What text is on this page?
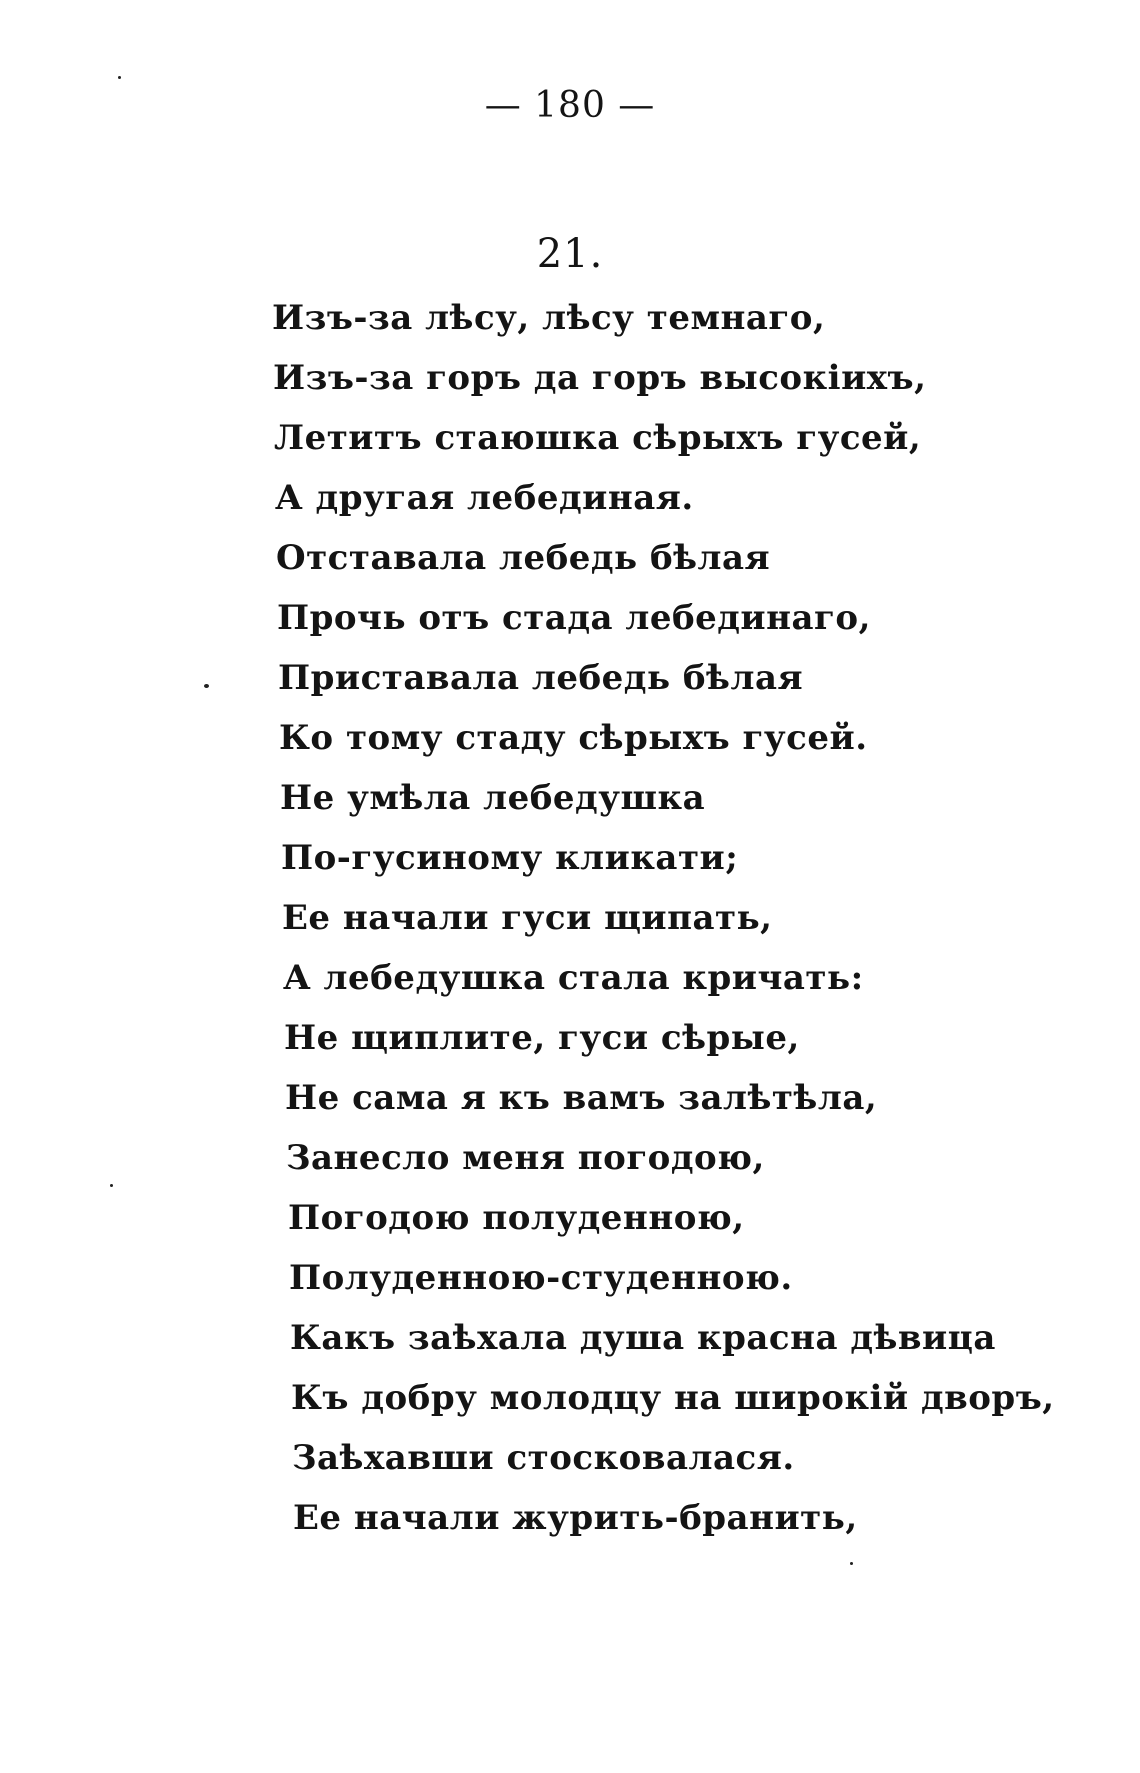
— 180 —
21.
Изъ-за лѣсу, лѣсу темнаго,
Изъ-за горъ да горъ высокіихъ,
Летитъ стаюшка сѣрыхъ гусей,
А другая лебединая.
Отставала лебедь бѣлая
Прочь отъ стада лебединаго,
Приставала лебедь бѣлая
Ко тому стаду сѣрыхъ гусей.
Не умѣла лебедушка
По-гусиному кликати;
Ее начали гуси щипать,
А лебедушка стала кричать:
Не щиплите, гуси сѣрые,
Не сама я къ вамъ залѣтѣла,
Занесло меня погодою,
Погодою полуденною,
Полуденною-студенною.
Какъ заѣхала душа красна дѣвица
Къ добру молодцу на широкій дворъ,
Заѣхавши стосковалася.
Ее начали журить-бранить,
